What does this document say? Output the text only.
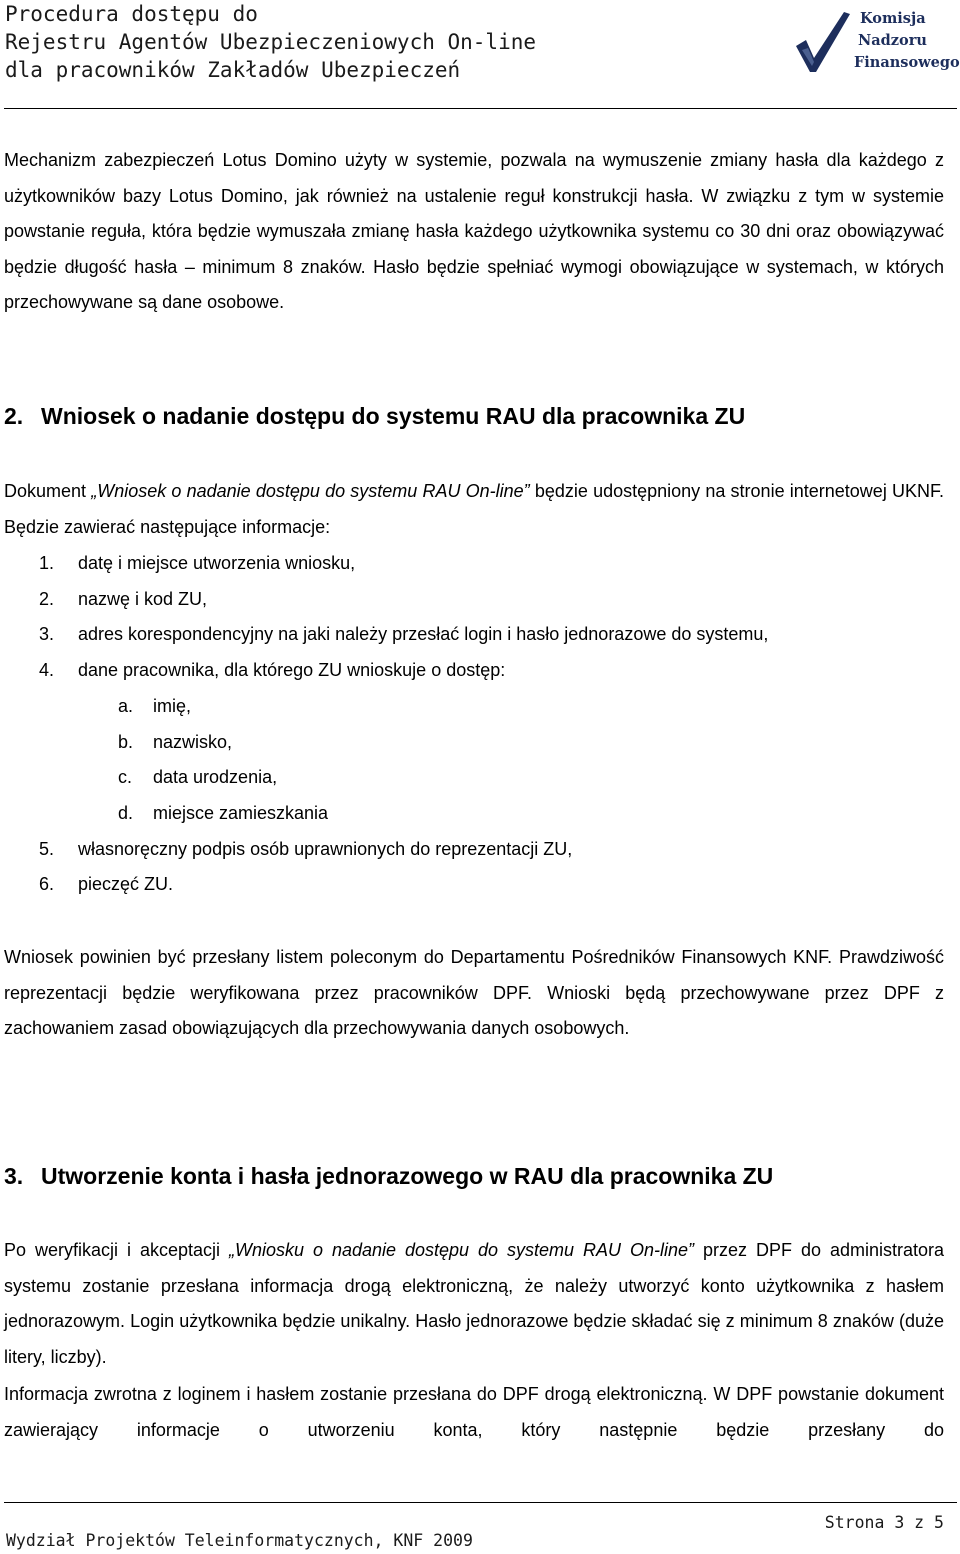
Procedura dostępu do
Rejestru Agentów Ubezpieczeniowych On-line
dla pracowników Zakładów Ubezpieczeń
Komisja
Nadzoru
Finansowego
Mechanizm zabezpieczeń Lotus Domino użyty w systemie, pozwala na wymuszenie zmiany hasła dla każdego z użytkowników bazy Lotus Domino, jak również na ustalenie reguł konstrukcji hasła. W związku z tym w systemie powstanie reguła, która będzie wymuszała zmianę hasła każdego użytkownika systemu co 30 dni oraz obowiązywać będzie długość hasła – minimum 8 znaków. Hasło będzie spełniać wymogi obowiązujące w systemach, w których przechowywane są dane osobowe.
2. Wniosek o nadanie dostępu do systemu RAU dla pracownika ZU
Dokument „Wniosek o nadanie dostępu do systemu RAU On-line” będzie udostępniony na stronie internetowej UKNF. Będzie zawierać następujące informacje:
1. datę i miejsce utworzenia wniosku,
2. nazwę i kod ZU,
3. adres korespondencyjny na jaki należy przesłać login i hasło jednorazowe do systemu,
4. dane pracownika, dla którego ZU wnioskuje o dostęp:
a. imię,
b. nazwisko,
c. data urodzenia,
d. miejsce zamieszkania
5. własnoręczny podpis osób uprawnionych do reprezentacji ZU,
6. pieczęć ZU.
Wniosek powinien być przesłany listem poleconym do Departamentu Pośredników Finansowych KNF. Prawdziwość reprezentacji będzie weryfikowana przez pracowników DPF. Wnioski będą przechowywane przez DPF z zachowaniem zasad obowiązujących dla przechowywania danych osobowych.
3. Utworzenie konta i hasła jednorazowego w RAU dla pracownika ZU
Po weryfikacji i akceptacji „Wniosku o nadanie dostępu do systemu RAU On-line” przez DPF do administratora systemu zostanie przesłana informacja drogą elektroniczną, że należy utworzyć konto użytkownika z hasłem jednorazowym. Login użytkownika będzie unikalny. Hasło jednorazowe będzie składać się z minimum 8 znaków (duże litery, liczby).
Informacja zwrotna z loginem i hasłem zostanie przesłana do DPF drogą elektroniczną. W DPF powstanie dokument zawierający informacje o utworzeniu konta, który następnie będzie przesłany do
Strona 3 z 5
Wydział Projektów Teleinformatycznych, KNF 2009
